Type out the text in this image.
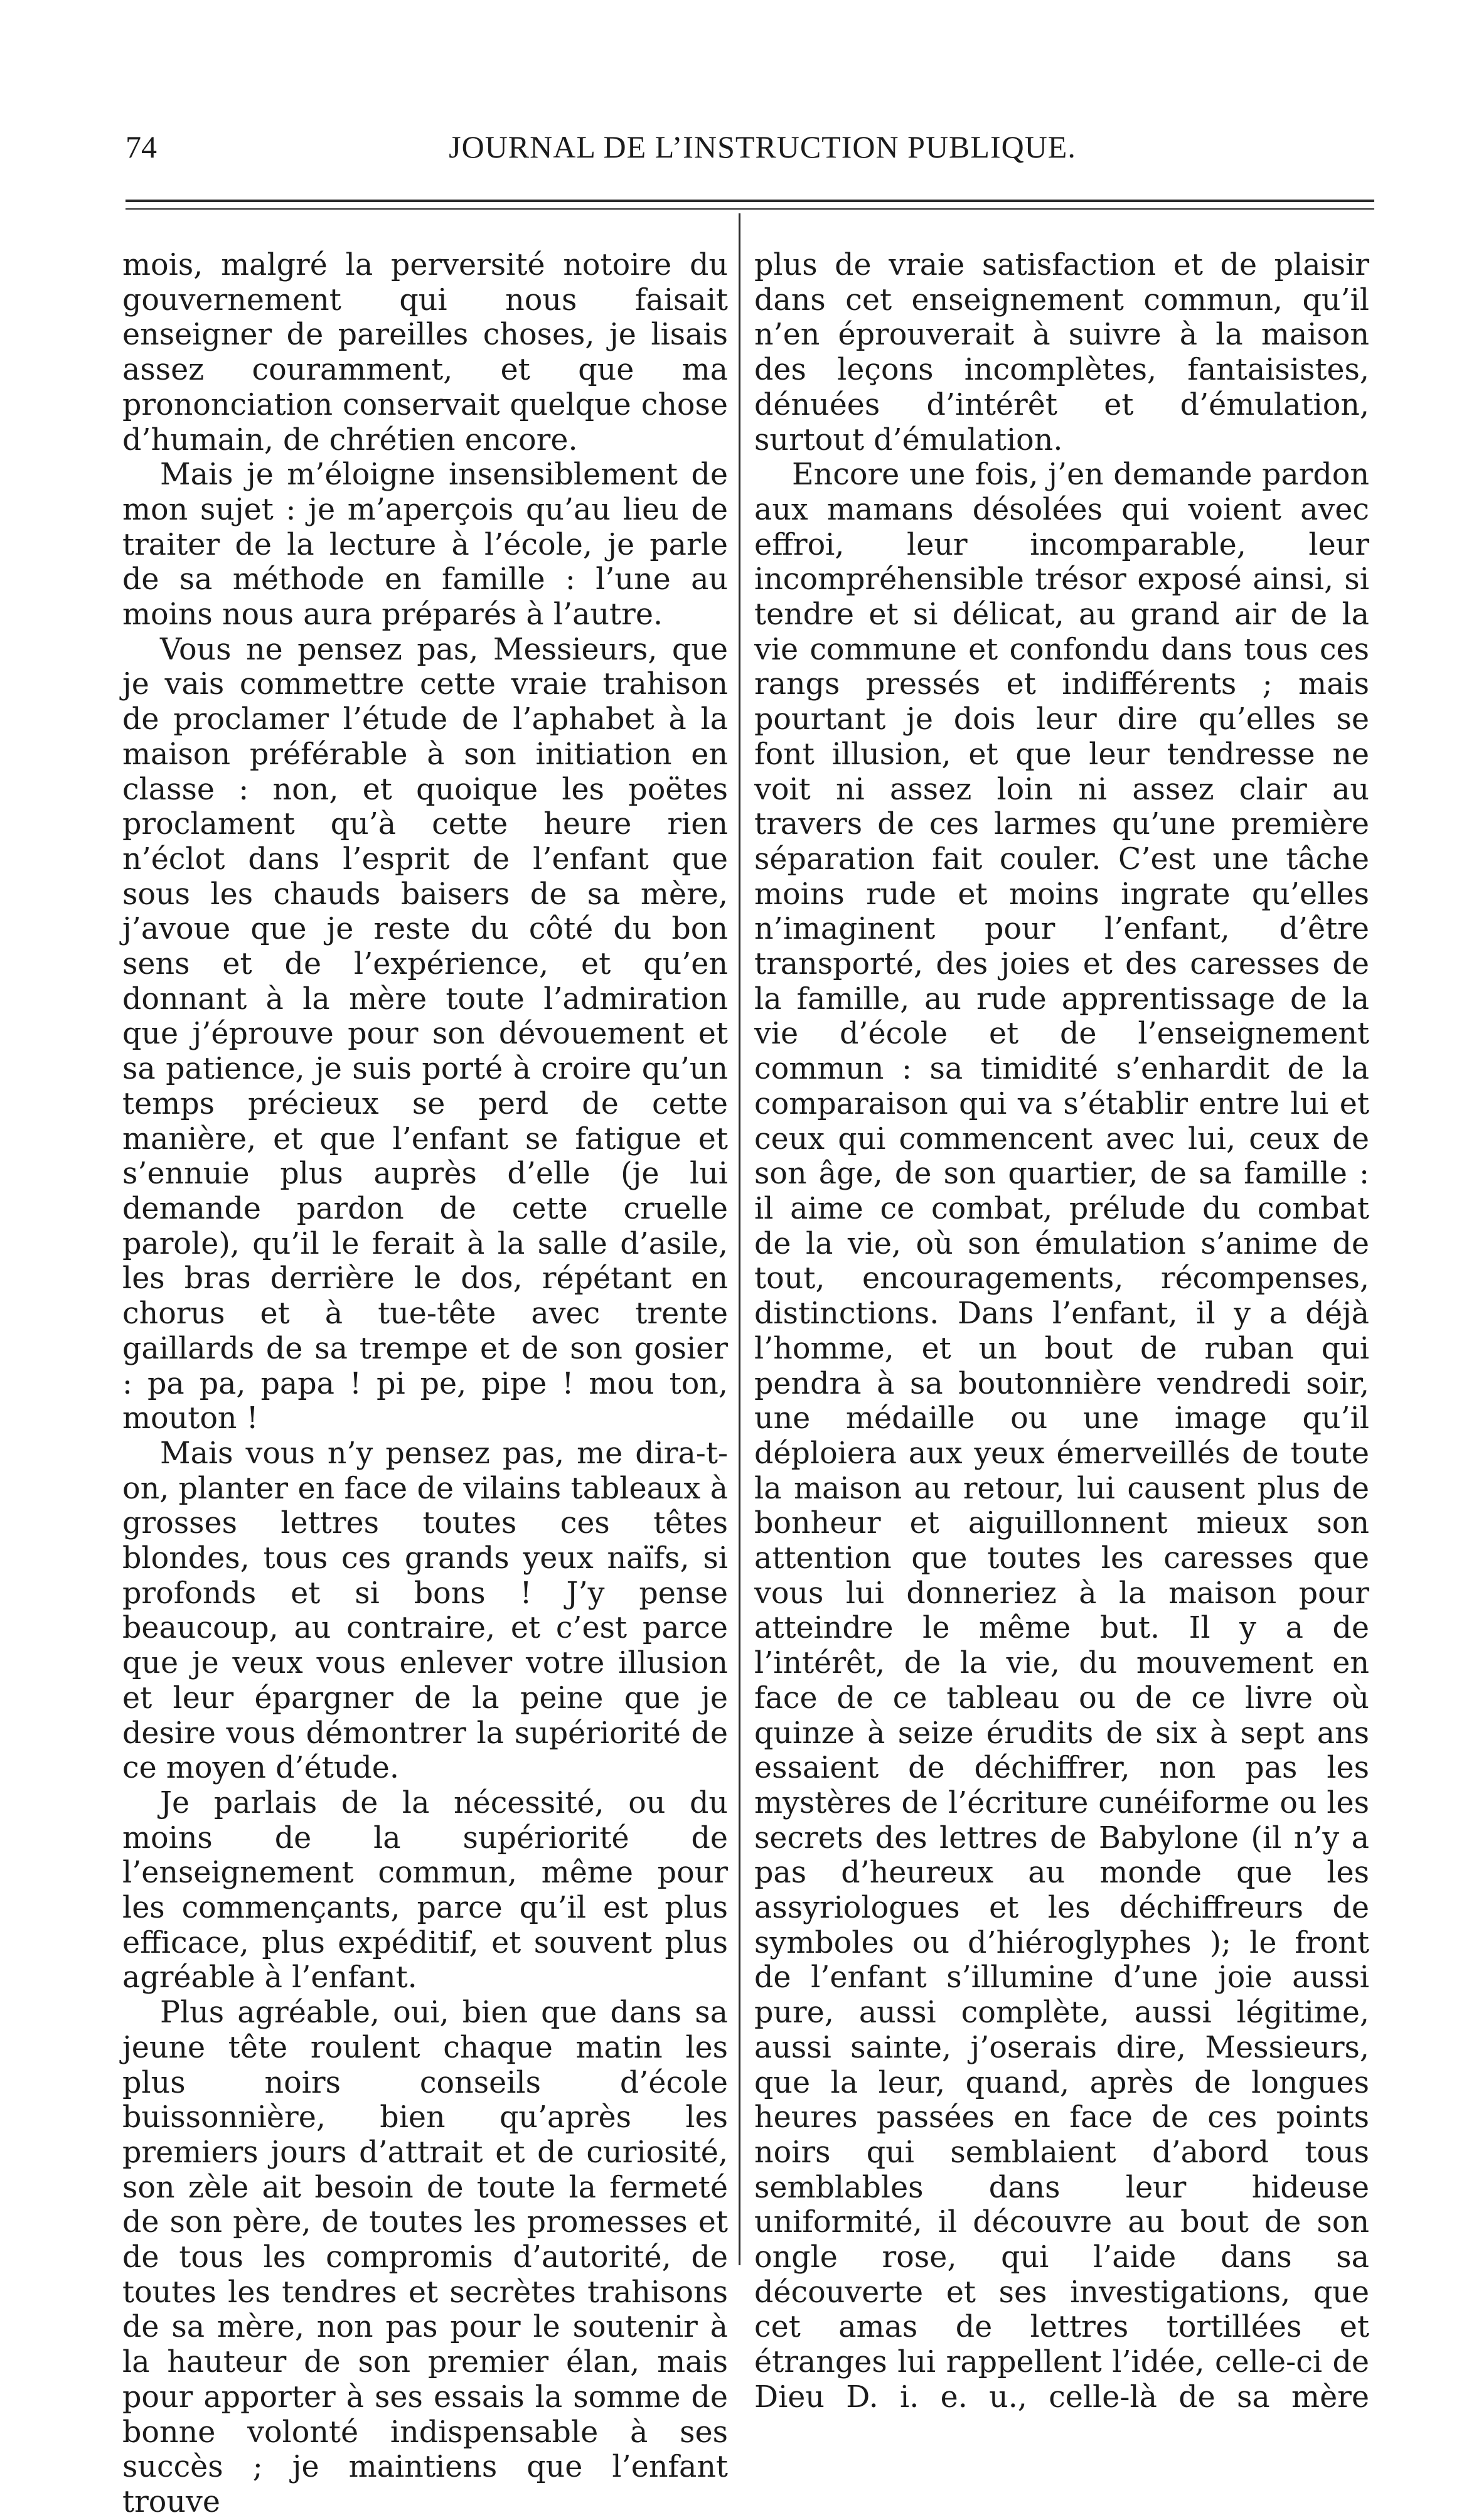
74	JOURNAL DE L’INSTRUCTION PUBLIQUE.

mois, malgré la perversité notoire du gouvernement qui nous faisait enseigner de pareilles choses, je lisais assez couramment, et que ma prononciation conservait quelque chose d’humain, de chrétien encore.

Mais je m’éloigne insensiblement de mon sujet : je m’aperçois qu’au lieu de traiter de la lecture à l’école, je parle de sa méthode en famille : l’une au moins nous aura préparés à l’autre.

Vous ne pensez pas, Messieurs, que je vais commettre cette vraie trahison de proclamer l’étude de l’aphabet à la maison préférable à son initiation en classe : non, et quoique les poëtes proclament qu’à cette heure rien n’éclot dans l’esprit de l’enfant que sous les chauds baisers de sa mère, j’avoue que je reste du côté du bon sens et de l’expérience, et qu’en donnant à la mère toute l’admiration que j’éprouve pour son dévouement et sa patience, je suis porté à croire qu’un temps précieux se perd de cette manière, et que l’enfant se fatigue et s’ennuie plus auprès d’elle (je lui demande pardon de cette cruelle parole), qu’il le ferait à la salle d’asile, les bras derrière le dos, répétant en chorus et à tue-tête avec trente gaillards de sa trempe et de son gosier : pa pa, papa ! pi pe, pipe ! mou ton, mouton !

Mais vous n’y pensez pas, me dira-t-on, planter en face de vilains tableaux à grosses lettres toutes ces têtes blondes, tous ces grands yeux naïfs, si profonds et si bons ! J’y pense beaucoup, au contraire, et c’est parce que je veux vous enlever votre illusion et leur épargner de la peine que je desire vous démontrer la supériorité de ce moyen d’étude.

Je parlais de la nécessité, ou du moins de la supériorité de l’enseignement commun, même pour les commençants, parce qu’il est plus efficace, plus expéditif, et souvent plus agréable à l’enfant.

Plus agréable, oui, bien que dans sa jeune tête roulent chaque matin les plus noirs conseils d’école buissonnière, bien qu’après les premiers jours d’attrait et de curiosité, son zèle ait besoin de toute la fermeté de son père, de toutes les promesses et de tous les compromis d’autorité, de toutes les tendres et secrètes trahisons de sa mère, non pas pour le soutenir à la hauteur de son premier élan, mais pour apporter à ses essais la somme de bonne volonté indispensable à ses succès ; je maintiens que l’enfant trouve

plus de vraie satisfaction et de plaisir dans cet enseignement commun, qu’il n’en éprouverait à suivre à la maison des leçons incomplètes, fantaisistes, dénuées d’intérêt et d’émulation, surtout d’émulation.

Encore une fois, j’en demande pardon aux mamans désolées qui voient avec effroi, leur incomparable, leur incompréhensible trésor exposé ainsi, si tendre et si délicat, au grand air de la vie commune et confondu dans tous ces rangs pressés et indifférents ; mais pourtant je dois leur dire qu’elles se font illusion, et que leur tendresse ne voit ni assez loin ni assez clair au travers de ces larmes qu’une première séparation fait couler. C’est une tâche moins rude et moins ingrate qu’elles n’imaginent pour l’enfant, d’être transporté, des joies et des caresses de la famille, au rude apprentissage de la vie d’école et de l’enseignement commun : sa timidité s’enhardit de la comparaison qui va s’établir entre lui et ceux qui commencent avec lui, ceux de son âge, de son quartier, de sa famille : il aime ce combat, prélude du combat de la vie, où son émulation s’anime de tout, encouragements, récompenses, distinctions. Dans l’enfant, il y a déjà l’homme, et un bout de ruban qui pendra à sa boutonnière vendredi soir, une médaille ou une image qu’il déploiera aux yeux émerveillés de toute la maison au retour, lui causent plus de bonheur et aiguillonnent mieux son attention que toutes les caresses que vous lui donneriez à la maison pour atteindre le même but. Il y a de l’intérêt, de la vie, du mouvement en face de ce tableau ou de ce livre où quinze à seize érudits de six à sept ans essaient de déchiffrer, non pas les mystères de l’écriture cunéiforme ou les secrets des lettres de Babylone (il n’y a pas d’heureux au monde que les assyriologues et les déchiffreurs de symboles ou d’hiéroglyphes ); le front de l’enfant s’illumine d’une joie aussi pure, aussi complète, aussi légitime, aussi sainte, j’oserais dire, Messieurs, que la leur, quand, après de longues heures passées en face de ces points noirs qui semblaient d’abord tous semblables dans leur hideuse uniformité, il découvre au bout de son ongle rose, qui l’aide dans sa découverte et ses investigations, que cet amas de lettres tortillées et étranges lui rappellent l’idée, celle-ci de Dieu D. i. e. u., celle-là de sa mère
